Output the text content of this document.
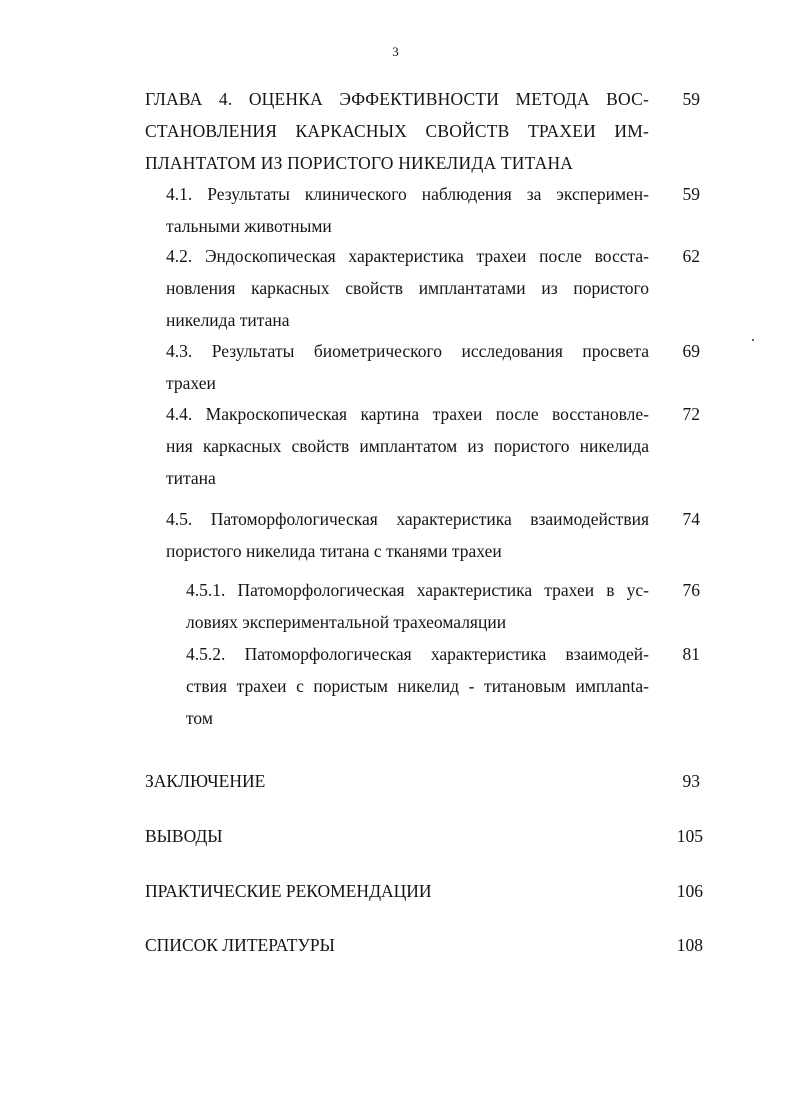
3
ГЛАВА 4. ОЦЕНКА ЭФФЕКТИВНОСТИ МЕТОДА ВОС-
СТАНОВЛЕНИЯ КАРКАСНЫХ СВОЙСТВ ТРАХЕИ ИМ-
ПЛАНТАТОМ ИЗ ПОРИСТОГО НИКЕЛИДА ТИТАНА
59
4.1. Результаты клинического наблюдения за эксперимен-
тальными животными
59
4.2. Эндоскопическая характеристика трахеи после восста-
новления каркасных свойств имплантатами из пористого
никелида титана
62
4.3. Результаты биометрического исследования просвета
трахеи
69
4.4. Макроскопическая картина трахеи после восстановле-
ния каркасных свойств имплантатом из пористого никелида
титана
72
4.5. Патоморфологическая характеристика взаимодействия
пористого никелида титана с тканями трахеи
74
4.5.1. Патоморфологическая характеристика трахеи в ус-
ловиях экспериментальной трахеомаляции
76
4.5.2. Патоморфологическая характеристика взаимодей-
ствия трахеи с пористым никелид - титановым имплanta-
том
81
ЗАКЛЮЧЕНИЕ	93
ВЫВОДЫ	105
ПРАКТИЧЕСКИЕ РЕКОМЕНДАЦИИ	106
СПИСОК ЛИТЕРАТУРЫ	108
